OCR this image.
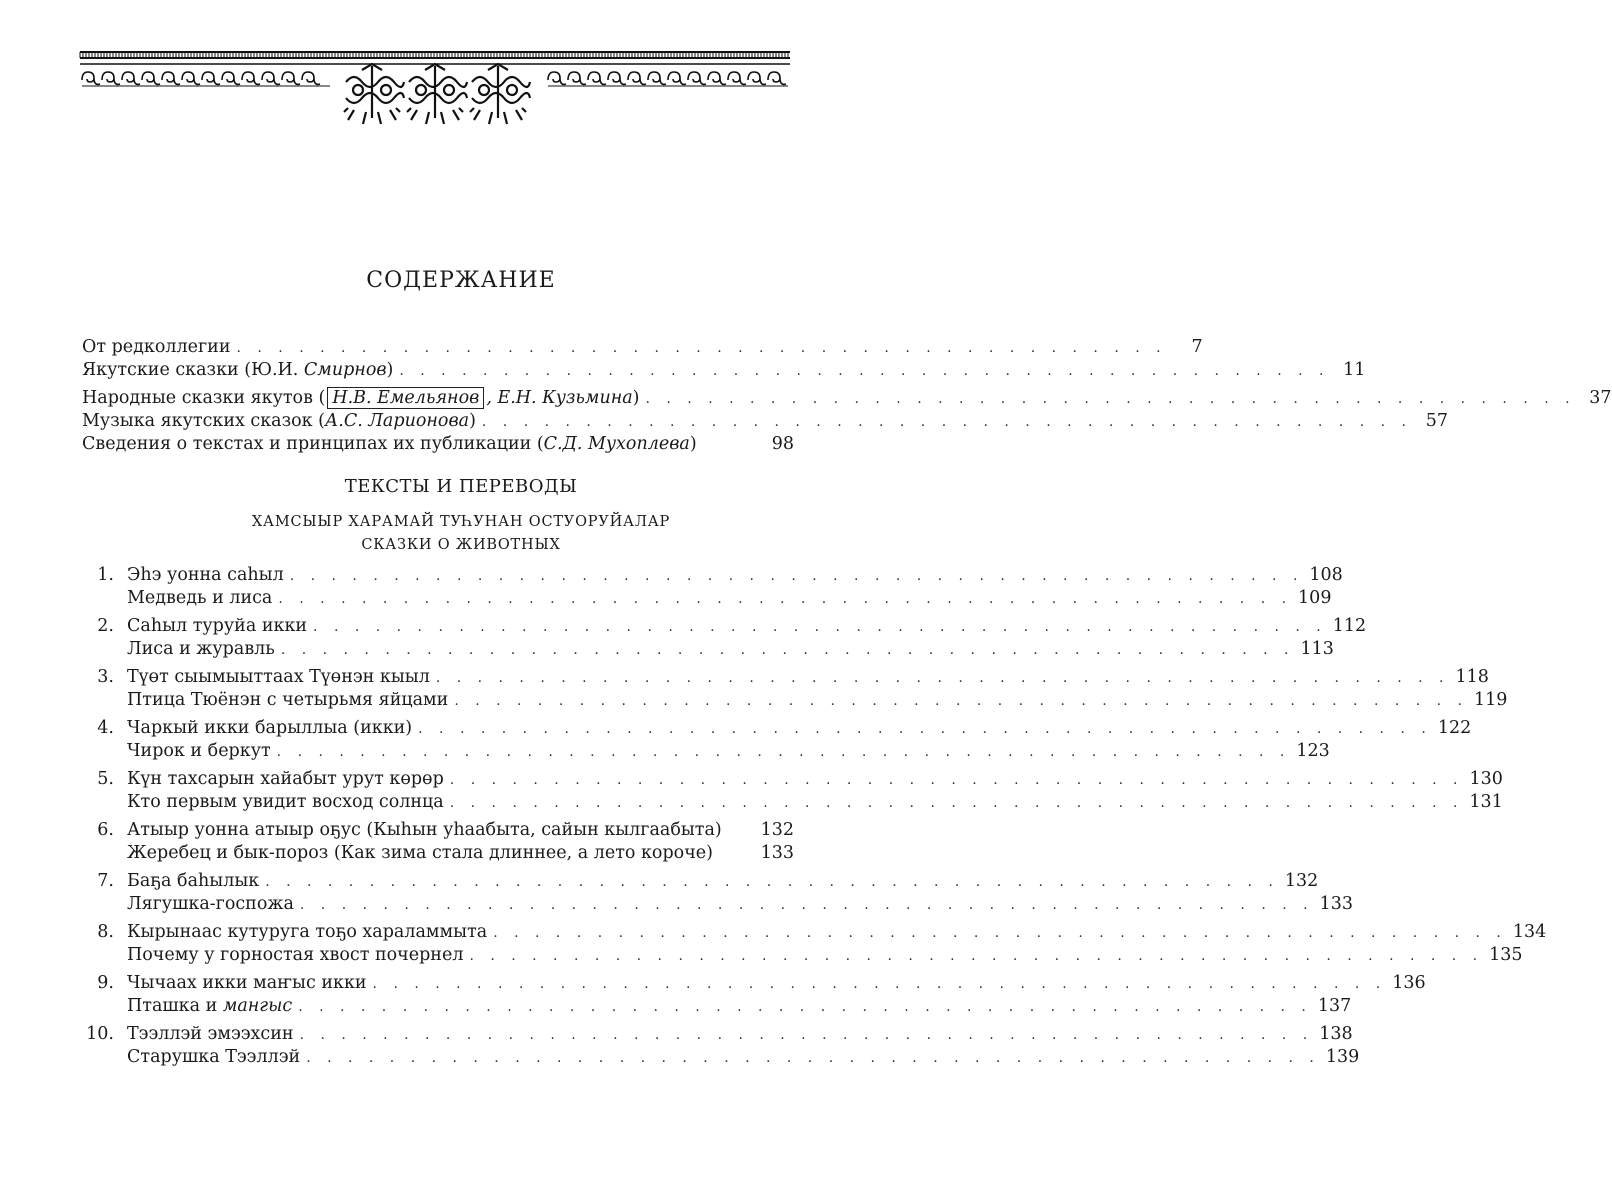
СОДЕРЖАНИЕ
От редколлегии . . . . . . . . . . . . . . . . . . . . . . . . . . . . . . . . . . . . . . . . . . . . .	7
Якутские сказки (Ю.И. Смирнов) . . . . . . . . . . . . . . . . . . . . . . . . . . . . . . . . . . . . . . . . . . . . . 11
Народные сказки якутов ( Н.В. Емельянов , Е.Н. Кузьмина) . . . . . . . . . . . . . . . . . . . . . . . . . . . . . . . . . . . . . . . . . . . . . 37
Музыка якутских сказок (А.С. Ларионова) . . . . . . . . . . . . . . . . . . . . . . . . . . . . . . . . . . . . . . . . . . . . . 57
Сведения о текстах и принципах их публикации (С.Д. Мухоплева)	98
ТЕКСТЫ И ПЕРЕВОДЫ
ХАМСЫЫР ХАРАМАЙ ТУҺУНАН ОСТУОРУЙАЛАР
СКАЗКИ О ЖИВОТНЫХ
1. Эһэ уонна саһыл . . . . . . . . . . . . . . . . . . . . . . . . . . . . . . . . . . . . . . . . . . . . . . . . . 108
Медведь и лиса . . . . . . . . . . . . . . . . . . . . . . . . . . . . . . . . . . . . . . . . . . . . . . . . . 109
2. Саһыл туруйа икки . . . . . . . . . . . . . . . . . . . . . . . . . . . . . . . . . . . . . . . . . . . . . . . . . 112
Лиса и журавль . . . . . . . . . . . . . . . . . . . . . . . . . . . . . . . . . . . . . . . . . . . . . . . . . 113
3. Түөт сыымыыттаах Түөнэн кыыл . . . . . . . . . . . . . . . . . . . . . . . . . . . . . . . . . . . . . . . . . . . . . . . . . 118
Птица Тюёнэн с четырьмя яйцами . . . . . . . . . . . . . . . . . . . . . . . . . . . . . . . . . . . . . . . . . . . . . . . . . 119
4. Чаркый икки барыллыа (икки) . . . . . . . . . . . . . . . . . . . . . . . . . . . . . . . . . . . . . . . . . . . . . . . . . 122
Чирок и беркут . . . . . . . . . . . . . . . . . . . . . . . . . . . . . . . . . . . . . . . . . . . . . . . . . 123
5. Күн тахсарын хайабыт урут көрөр . . . . . . . . . . . . . . . . . . . . . . . . . . . . . . . . . . . . . . . . . . . . . . . . . 130
Кто первым увидит восход солнца . . . . . . . . . . . . . . . . . . . . . . . . . . . . . . . . . . . . . . . . . . . . . . . . . 131
6. Атыыр уонна атыыр оҕус (Кыһын уһаабыта, сайын кылгаабыта) 132
Жеребец и бык-пороз (Как зима стала длиннее, а лето короче)	133
7. Баҕа баһылык . . . . . . . . . . . . . . . . . . . . . . . . . . . . . . . . . . . . . . . . . . . . . . . . . 132
Лягушка-госпожа . . . . . . . . . . . . . . . . . . . . . . . . . . . . . . . . . . . . . . . . . . . . . . . . . 133
8. Кырынаас кутуруга тоҕо хараламмыта . . . . . . . . . . . . . . . . . . . . . . . . . . . . . . . . . . . . . . . . . . . . . . . . . 134
Почему у горностая хвост почернел . . . . . . . . . . . . . . . . . . . . . . . . . . . . . . . . . . . . . . . . . . . . . . . . . 135
9. Чычаах икки маҥыс икки . . . . . . . . . . . . . . . . . . . . . . . . . . . . . . . . . . . . . . . . . . . . . . . . . 136
Пташка и мангыс . . . . . . . . . . . . . . . . . . . . . . . . . . . . . . . . . . . . . . . . . . . . . . . . . 137
10. Тээллэй эмээхсин . . . . . . . . . . . . . . . . . . . . . . . . . . . . . . . . . . . . . . . . . . . . . . . . . 138
Старушка Тээллэй . . . . . . . . . . . . . . . . . . . . . . . . . . . . . . . . . . . . . . . . . . . . . . . . . 139
